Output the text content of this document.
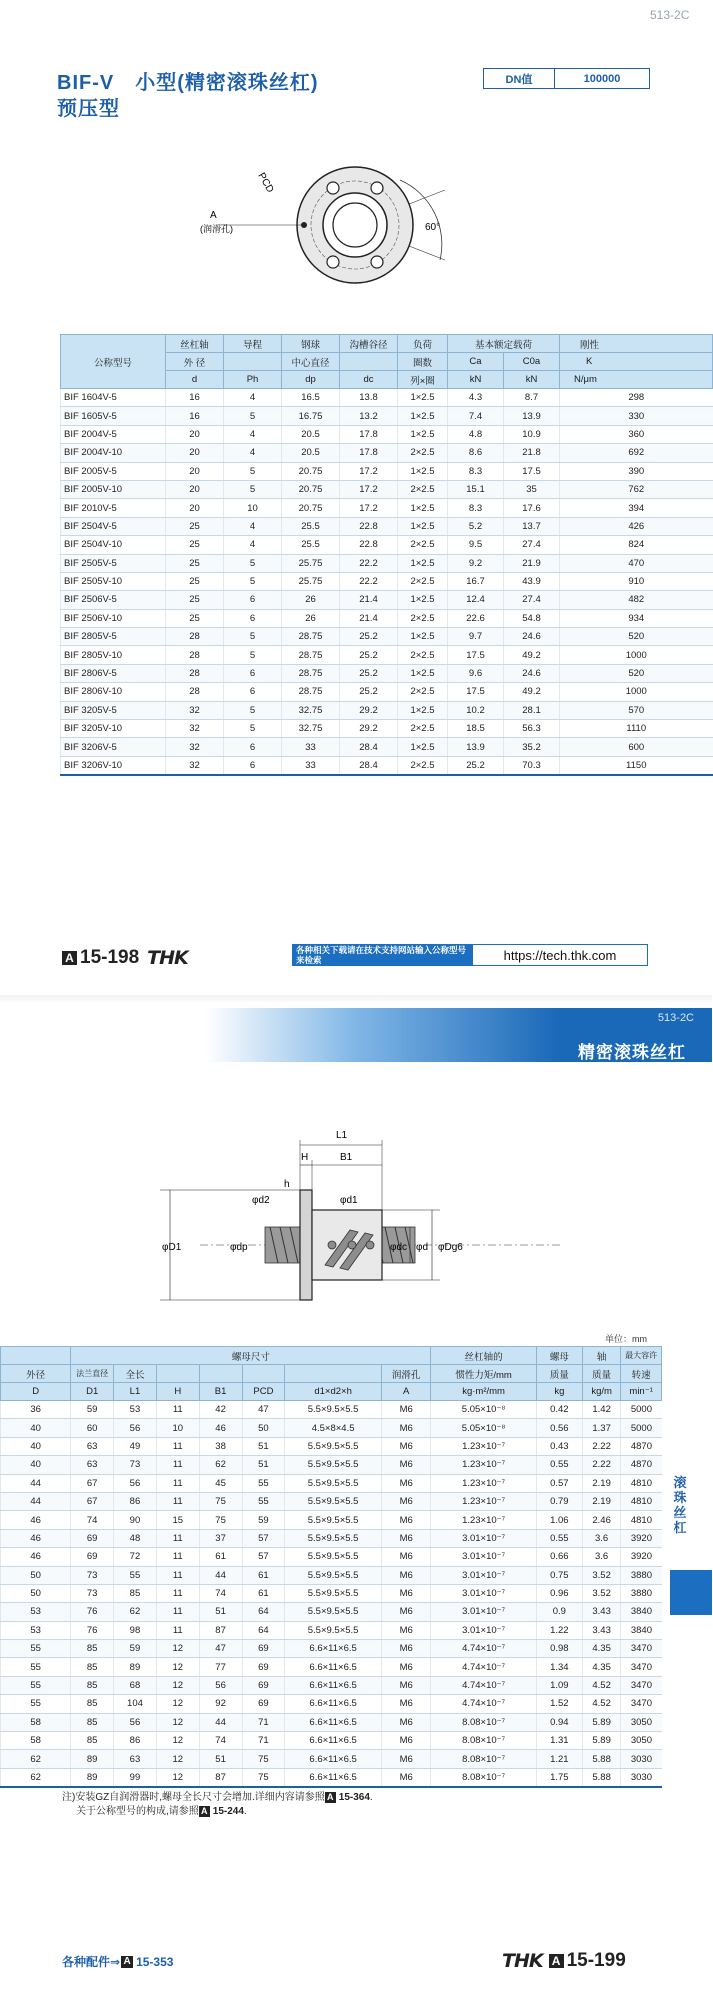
513-2C
BIF-V　小型(精密滚珠丝杠)
预压型
DN值	100000
PCD
A
(润滑孔)	60°
公称型号	丝杠轴	导程	钢球	沟槽谷径	负荷	基本额定载荷		刚性
	外 径		中心直径		圈数	Ca	C0a	K
	d	Ph	dp	dc	列×圈	kN	kN	N/μm
BIF 1604V-5	16	4	16.5	13.8	1×2.5	4.3	8.7	298
BIF 1605V-5	16	5	16.75	13.2	1×2.5	7.4	13.9	330
BIF 2004V-5	20	4	20.5	17.8	1×2.5	4.8	10.9	360
BIF 2004V-10	20	4	20.5	17.8	2×2.5	8.6	21.8	692
BIF 2005V-5	20	5	20.75	17.2	1×2.5	8.3	17.5	390
BIF 2005V-10	20	5	20.75	17.2	2×2.5	15.1	35	762
BIF 2010V-5	20	10	20.75	17.2	1×2.5	8.3	17.6	394
BIF 2504V-5	25	4	25.5	22.8	1×2.5	5.2	13.7	426
BIF 2504V-10	25	4	25.5	22.8	2×2.5	9.5	27.4	824
BIF 2505V-5	25	5	25.75	22.2	1×2.5	9.2	21.9	470
BIF 2505V-10	25	5	25.75	22.2	2×2.5	16.7	43.9	910
BIF 2506V-5	25	6	26	21.4	1×2.5	12.4	27.4	482
BIF 2506V-10	25	6	26	21.4	2×2.5	22.6	54.8	934
BIF 2805V-5	28	5	28.75	25.2	1×2.5	9.7	24.6	520
BIF 2805V-10	28	5	28.75	25.2	2×2.5	17.5	49.2	1000
BIF 2806V-5	28	6	28.75	25.2	1×2.5	9.6	24.6	520
BIF 2806V-10	28	6	28.75	25.2	2×2.5	17.5	49.2	1000
BIF 3205V-5	32	5	32.75	29.2	1×2.5	10.2	28.1	570
BIF 3205V-10	32	5	32.75	29.2	2×2.5	18.5	56.3	1110
BIF 3206V-5	32	6	33	28.4	1×2.5	13.9	35.2	600
BIF 3206V-10	32	6	33	28.4	2×2.5	25.2	70.3	1150
A 15-198 THK	各种相关下载请在技术支持网站输入公称型号来检索	https://tech.thk.com
513-2C
精密滚珠丝杠
L1
H	B1
h
φd2	φd1
φD1	φdp	φdc φd φDg6
单位：mm
	螺母尺寸							丝杠轴的	螺母	轴	最大容许
外径	法兰直径	全长					润滑孔	惯性力矩/mm	质量	质量	转速
D	D1	L1	H	B1	PCD	d1×d2×h	A	kg·m²/mm	kg	kg/m	min⁻¹
36	59	53	11	42	47	5.5×9.5×5.5	M6	5.05×10⁻⁸	0.42	1.42	5000
40	60	56	10	46	50	4.5×8×4.5	M6	5.05×10⁻⁸	0.56	1.37	5000
40	63	49	11	38	51	5.5×9.5×5.5	M6	1.23×10⁻⁷	0.43	2.22	4870
40	63	73	11	62	51	5.5×9.5×5.5	M6	1.23×10⁻⁷	0.55	2.22	4870
44	67	56	11	45	55	5.5×9.5×5.5	M6	1.23×10⁻⁷	0.57	2.19	4810
44	67	86	11	75	55	5.5×9.5×5.5	M6	1.23×10⁻⁷	0.79	2.19	4810
46	74	90	15	75	59	5.5×9.5×5.5	M6	1.23×10⁻⁷	1.06	2.46	4810
46	69	48	11	37	57	5.5×9.5×5.5	M6	3.01×10⁻⁷	0.55	3.6	3920
46	69	72	11	61	57	5.5×9.5×5.5	M6	3.01×10⁻⁷	0.66	3.6	3920
50	73	55	11	44	61	5.5×9.5×5.5	M6	3.01×10⁻⁷	0.75	3.52	3880
50	73	85	11	74	61	5.5×9.5×5.5	M6	3.01×10⁻⁷	0.96	3.52	3880
53	76	62	11	51	64	5.5×9.5×5.5	M6	3.01×10⁻⁷	0.9	3.43	3840
53	76	98	11	87	64	5.5×9.5×5.5	M6	3.01×10⁻⁷	1.22	3.43	3840
55	85	59	12	47	69	6.6×11×6.5	M6	4.74×10⁻⁷	0.98	4.35	3470
55	85	89	12	77	69	6.6×11×6.5	M6	4.74×10⁻⁷	1.34	4.35	3470
55	85	68	12	56	69	6.6×11×6.5	M6	4.74×10⁻⁷	1.09	4.52	3470
55	85	104	12	92	69	6.6×11×6.5	M6	4.74×10⁻⁷	1.52	4.52	3470
58	85	56	12	44	71	6.6×11×6.5	M6	8.08×10⁻⁷	0.94	5.89	3050
58	85	86	12	74	71	6.6×11×6.5	M6	8.08×10⁻⁷	1.31	5.89	3050
62	89	63	12	51	75	6.6×11×6.5	M6	8.08×10⁻⁷	1.21	5.88	3030
62	89	99	12	87	75	6.6×11×6.5	M6	8.08×10⁻⁷	1.75	5.88	3030
滚珠丝杠
注)安装GZ自润滑器时,螺母全长尺寸会增加.详细内容请参照 A 15-364.
关于公称型号的构成,请参照 A 15-244.
各种配件⇒ A 15-353	THK A 15-199
